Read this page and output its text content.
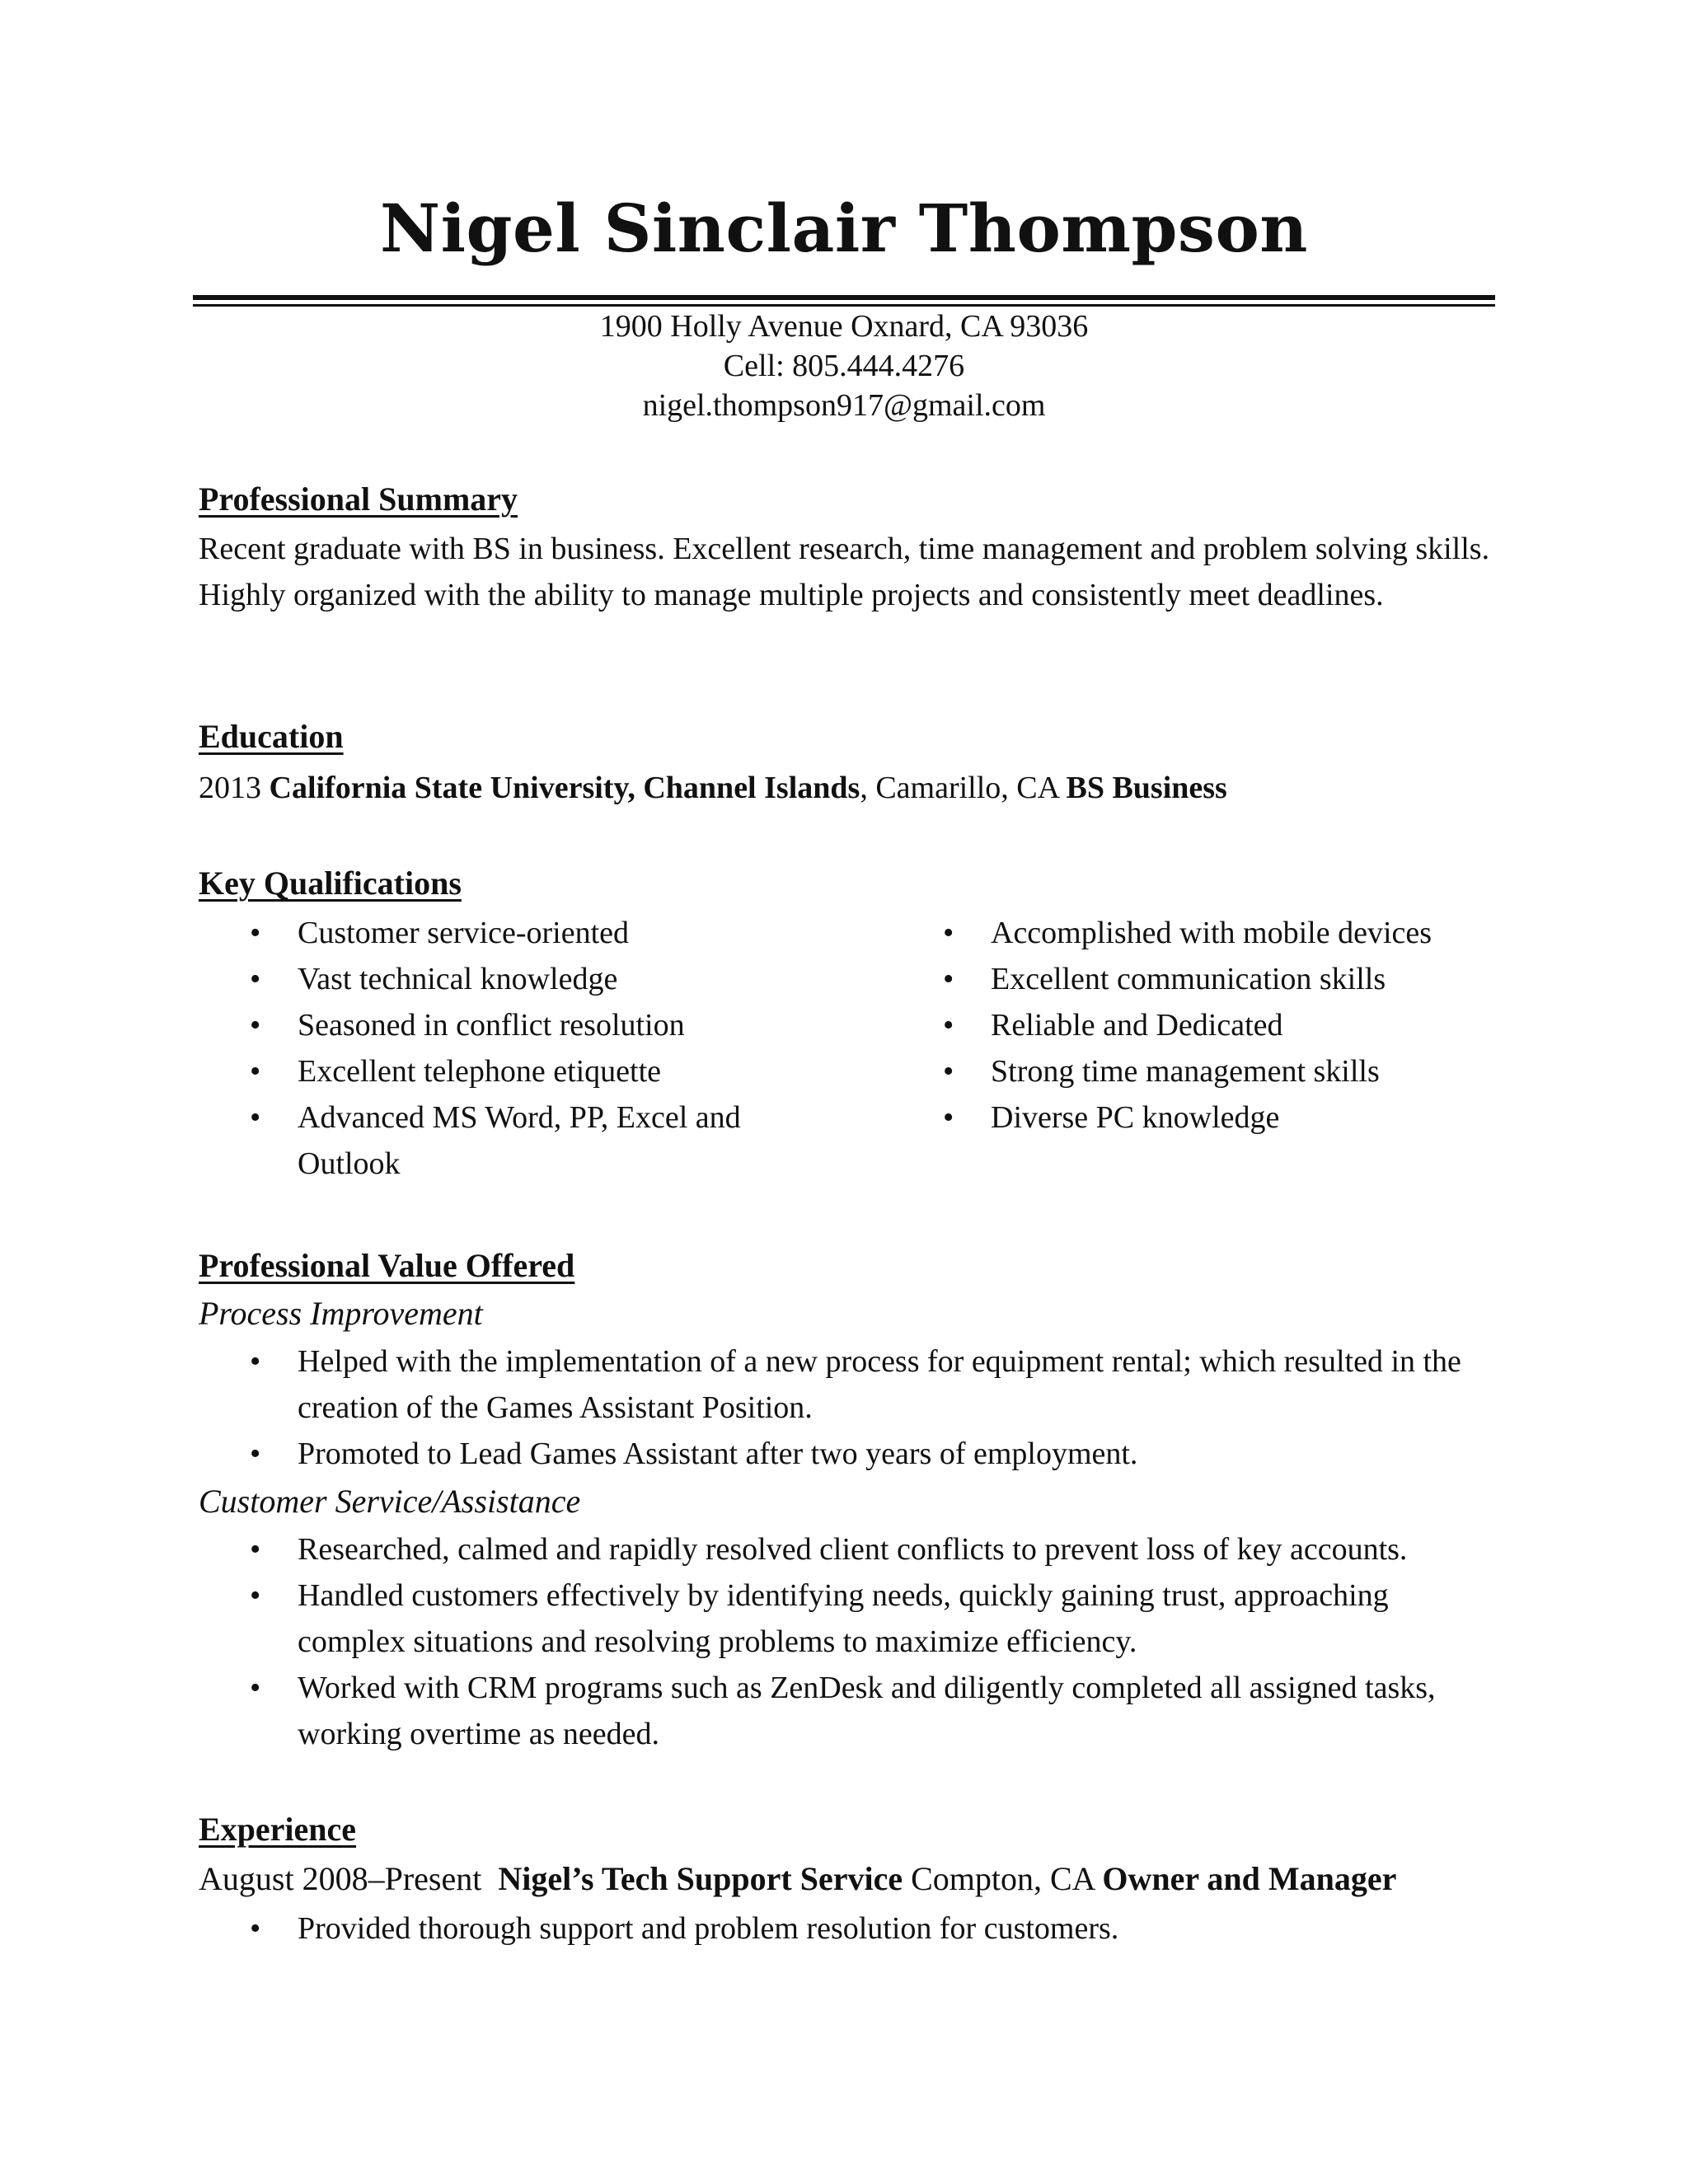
Nigel Sinclair Thompson
1900 Holly Avenue Oxnard, CA 93036
Cell: 805.444.4276
nigel.thompson917@gmail.com
Professional Summary
Recent graduate with BS in business. Excellent research, time management and problem solving skills. Highly organized with the ability to manage multiple projects and consistently meet deadlines.
Education
2013 California State University, Channel Islands, Camarillo, CA BS Business
Key Qualifications
• Customer service-oriented
• Vast technical knowledge
• Seasoned in conflict resolution
• Excellent telephone etiquette
• Advanced MS Word, PP, Excel and Outlook
• Accomplished with mobile devices
• Excellent communication skills
• Reliable and Dedicated
• Strong time management skills
• Diverse PC knowledge
Professional Value Offered
Process Improvement
• Helped with the implementation of a new process for equipment rental; which resulted in the creation of the Games Assistant Position.
• Promoted to Lead Games Assistant after two years of employment.
Customer Service/Assistance
• Researched, calmed and rapidly resolved client conflicts to prevent loss of key accounts.
• Handled customers effectively by identifying needs, quickly gaining trust, approaching complex situations and resolving problems to maximize efficiency.
• Worked with CRM programs such as ZenDesk and diligently completed all assigned tasks, working overtime as needed.
Experience
August 2008–Present Nigel’s Tech Support Service Compton, CA Owner and Manager
• Provided thorough support and problem resolution for customers.
